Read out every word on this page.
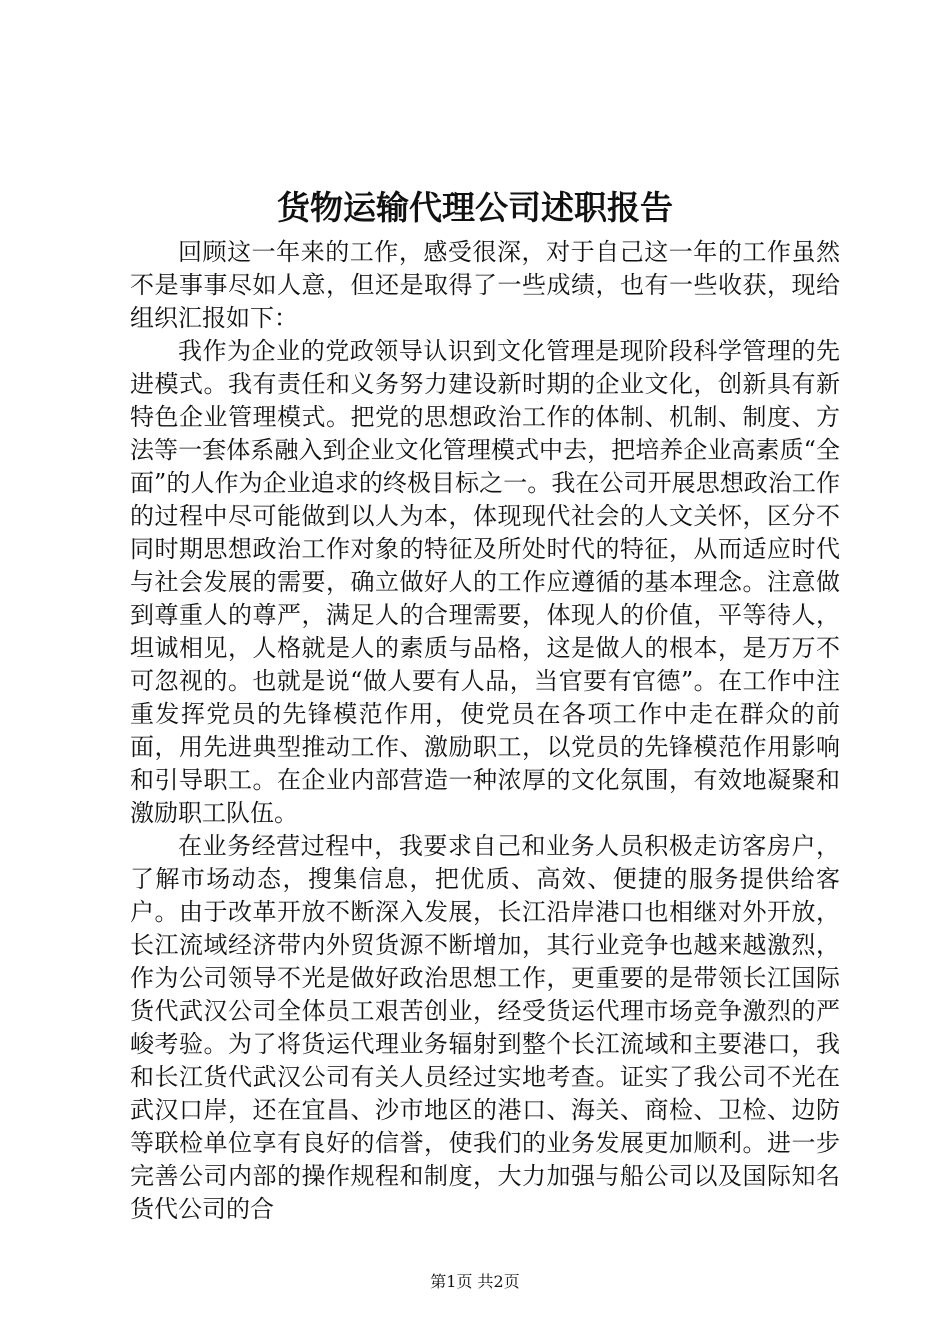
货物运输代理公司述职报告

回顾这一年来的工作，感受很深，对于自己这一年的工作虽然不是事事尽如人意，但还是取得了一些成绩，也有一些收获，现给组织汇报如下：

我作为企业的党政领导认识到文化管理是现阶段科学管理的先进模式。我有责任和义务努力建设新时期的企业文化，创新具有新特色企业管理模式。把党的思想政治工作的体制、机制、制度、方法等一套体系融入到企业文化管理模式中去，把培养企业高素质“全面”的人作为企业追求的终极目标之一。我在公司开展思想政治工作的过程中尽可能做到以人为本，体现现代社会的人文关怀，区分不同时期思想政治工作对象的特征及所处时代的特征，从而适应时代与社会发展的需要，确立做好人的工作应遵循的基本理念。注意做到尊重人的尊严，满足人的合理需要，体现人的价值，平等待人，坦诚相见，人格就是人的素质与品格，这是做人的根本，是万万不可忽视的。也就是说“做人要有人品，当官要有官德”。在工作中注重发挥党员的先锋模范作用，使党员在各项工作中走在群众的前面，用先进典型推动工作、激励职工，以党员的先锋模范作用影响和引导职工。在企业内部营造一种浓厚的文化氛围，有效地凝聚和激励职工队伍。

在业务经营过程中，我要求自己和业务人员积极走访客房户，了解市场动态，搜集信息，把优质、高效、便捷的服务提供给客户。由于改革开放不断深入发展，长江沿岸港口也相继对外开放，长江流域经济带内外贸货源不断增加，其行业竞争也越来越激烈，作为公司领导不光是做好政治思想工作，更重要的是带领长江国际货代武汉公司全体员工艰苦创业，经受货运代理市场竞争激烈的严峻考验。为了将货运代理业务辐射到整个长江流域和主要港口，我和长江货代武汉公司有关人员经过实地考查。证实了我公司不光在武汉口岸，还在宜昌、沙市地区的港口、海关、商检、卫检、边防等联检单位享有良好的信誉，使我们的业务发展更加顺利。进一步完善公司内部的操作规程和制度，大力加强与船公司以及国际知名货代公司的合

第1页 共2页
